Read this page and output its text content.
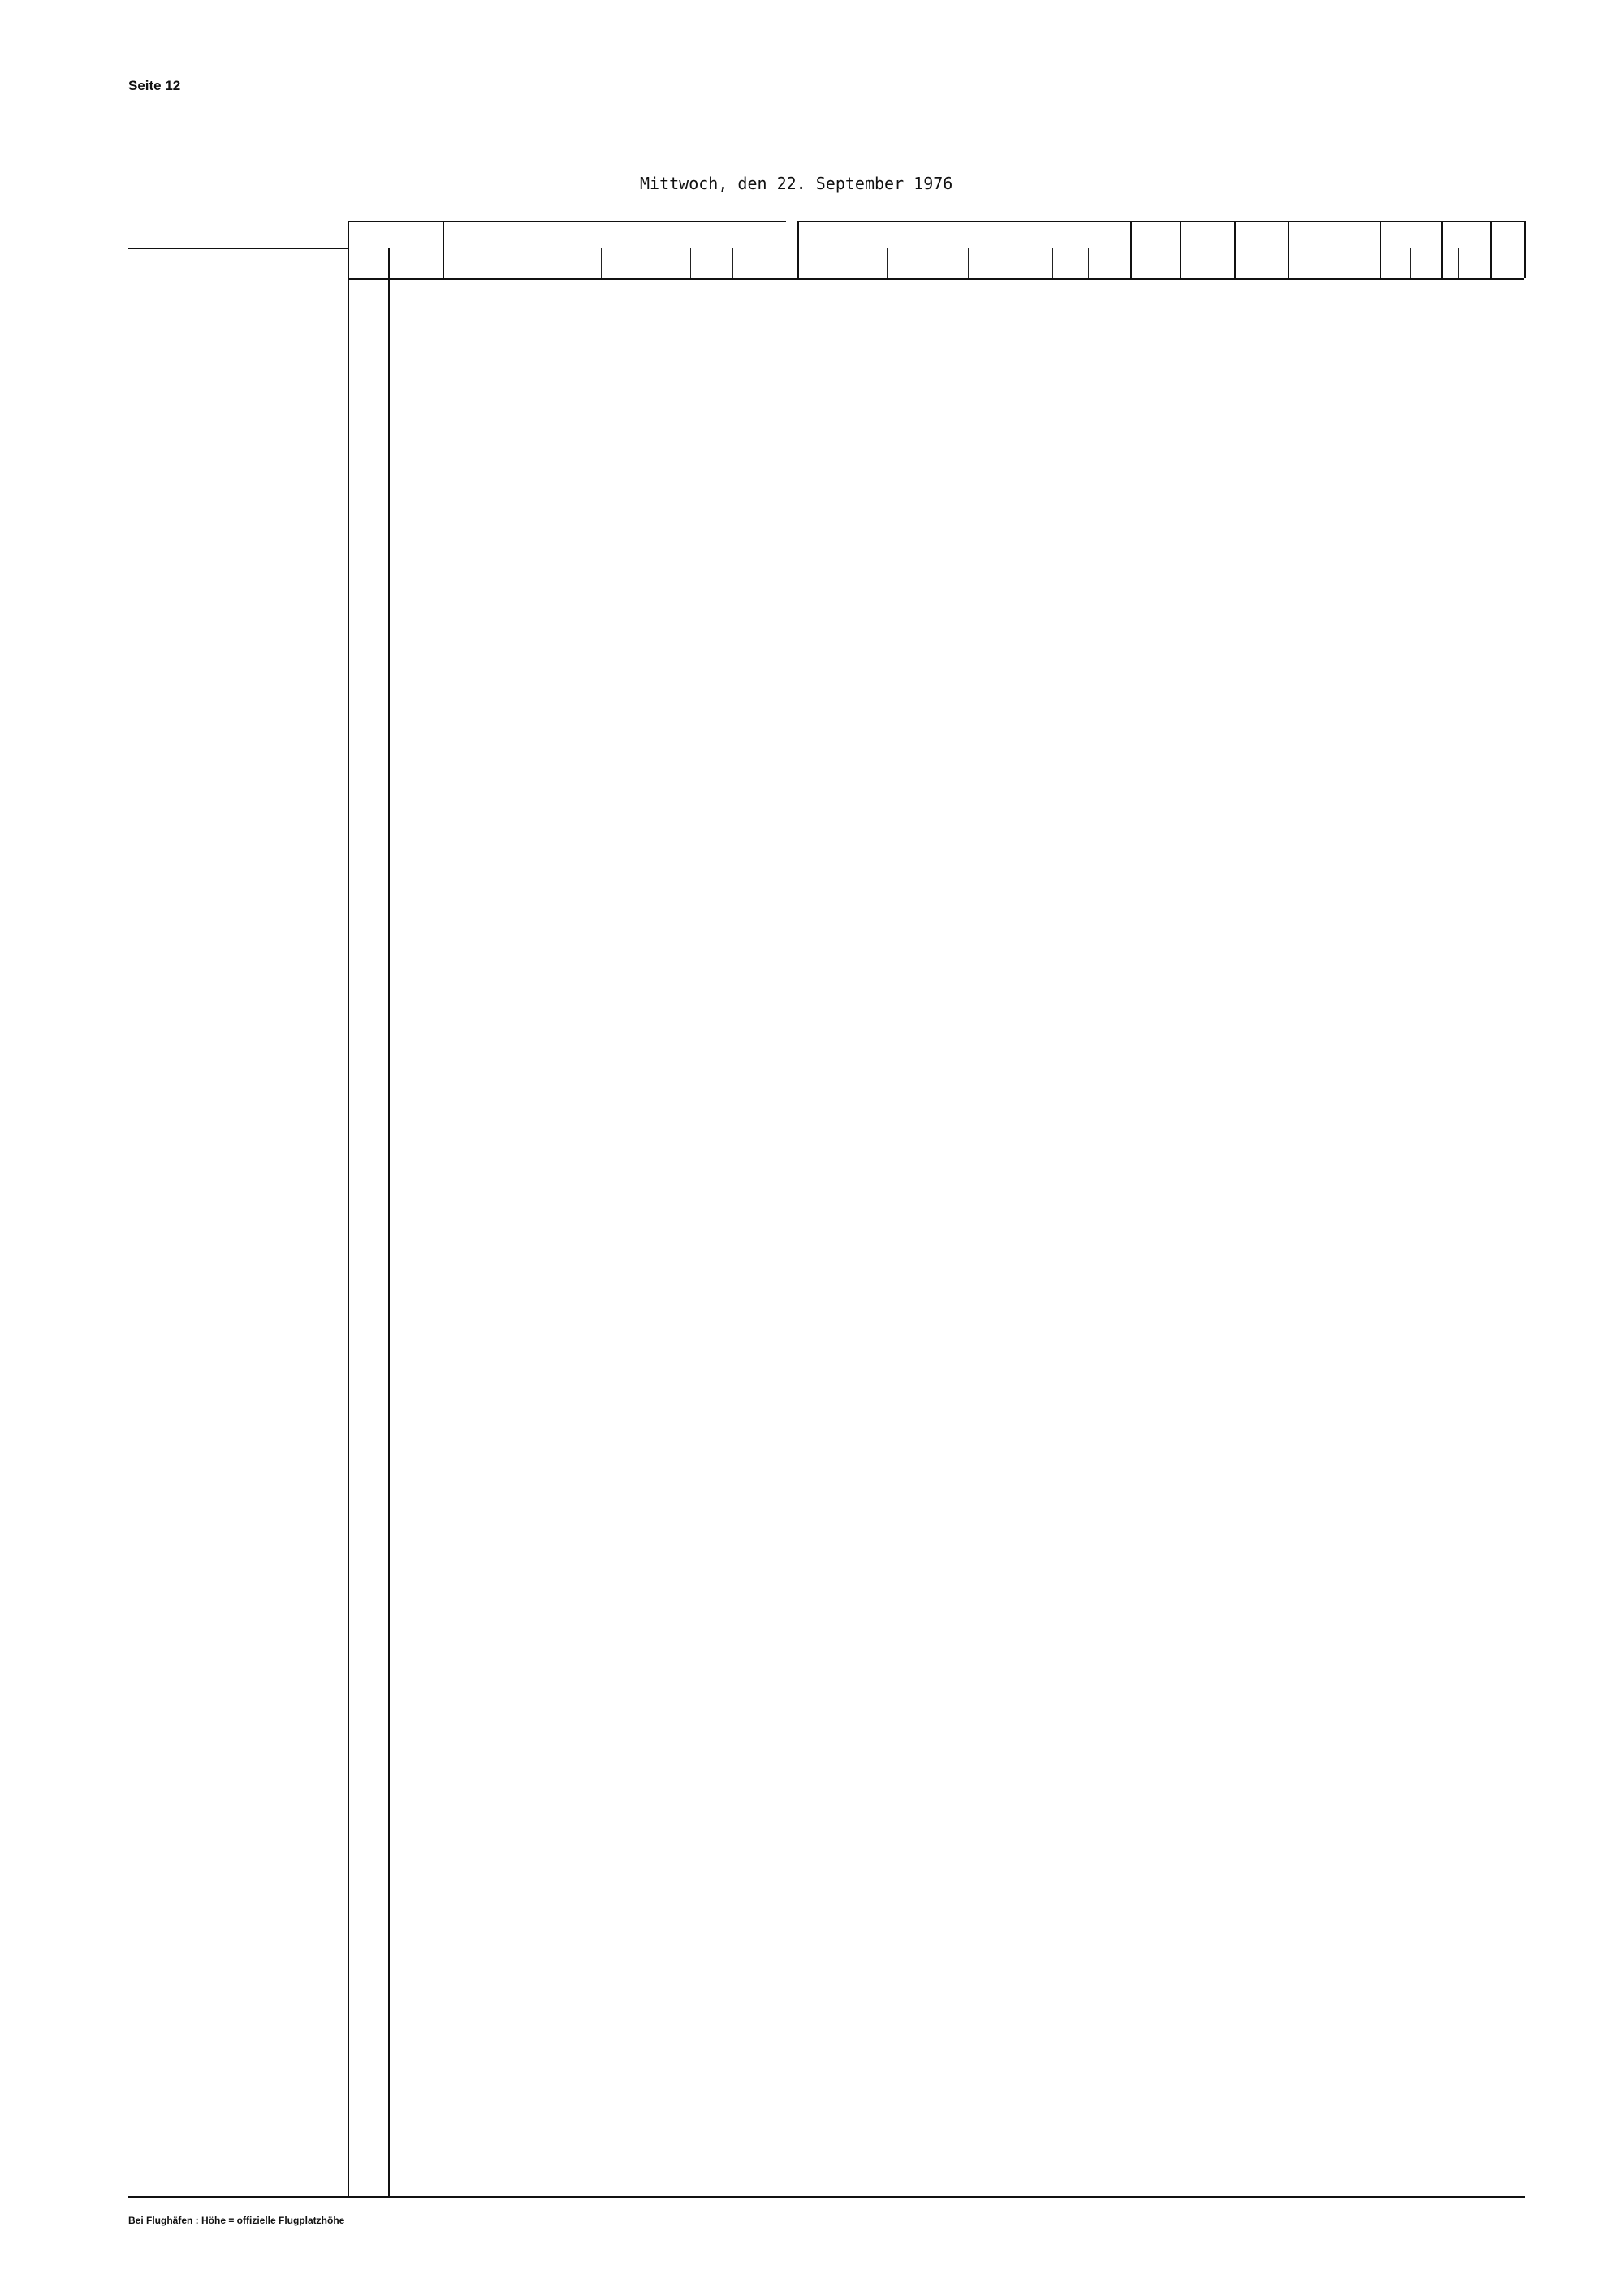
Seite 12
Mittwoch, den 22. September 1976
Bei Flughäfen : Höhe = offizielle Flugplatzhöhe
